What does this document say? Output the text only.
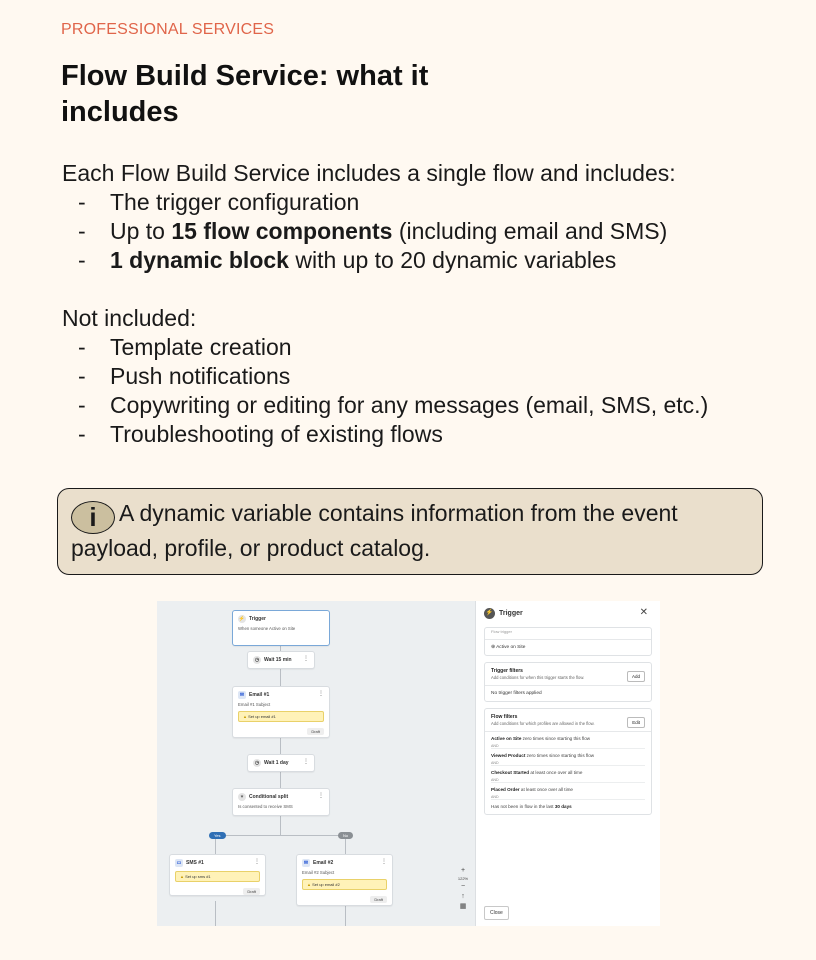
PROFESSIONAL SERVICES
Flow Build Service: what it includes
Each Flow Build Service includes a single flow and includes:
- The trigger configuration
- Up to 15 flow components (including email and SMS)
- 1 dynamic block with up to 20 dynamic variables
Not included:
- Template creation
- Push notifications
- Copywriting or editing for any messages (email, SMS, etc.)
- Troubleshooting of existing flows
i A dynamic variable contains information from the event payload, profile, or product catalog.
⚡ Trigger
When someone Active on Site
◷ Wait 15 min ⋮
✉ Email #1	⋮
Email #1 Subject
▲ Set up email #1
Draft
◷ Wait 1 day ⋮
⑂	Conditional split	⋮
Is consented to receive SMS
Yes	No
▭ SMS #1	⋮
▲ Set up sms #1
Draft
✉ Email #2	⋮
Email #2 Subject
▲ Set up email #2
Draft
+
122%
−
↑
▦
⚡ Trigger	✕
Flow trigger
⊕ Active on Site
Trigger filters
Add conditions for when this trigger starts the flow.	Add
No trigger filters applied
Flow filters
Add conditions for which profiles are allowed in the flow.	Edit
Active on Site zero times since starting this flow
AND
Viewed Product zero times since starting this flow
AND
Checkout Started at least once over all time
AND
Placed Order at least once over all time
AND
Has not been in flow in the last 30 days
Close
